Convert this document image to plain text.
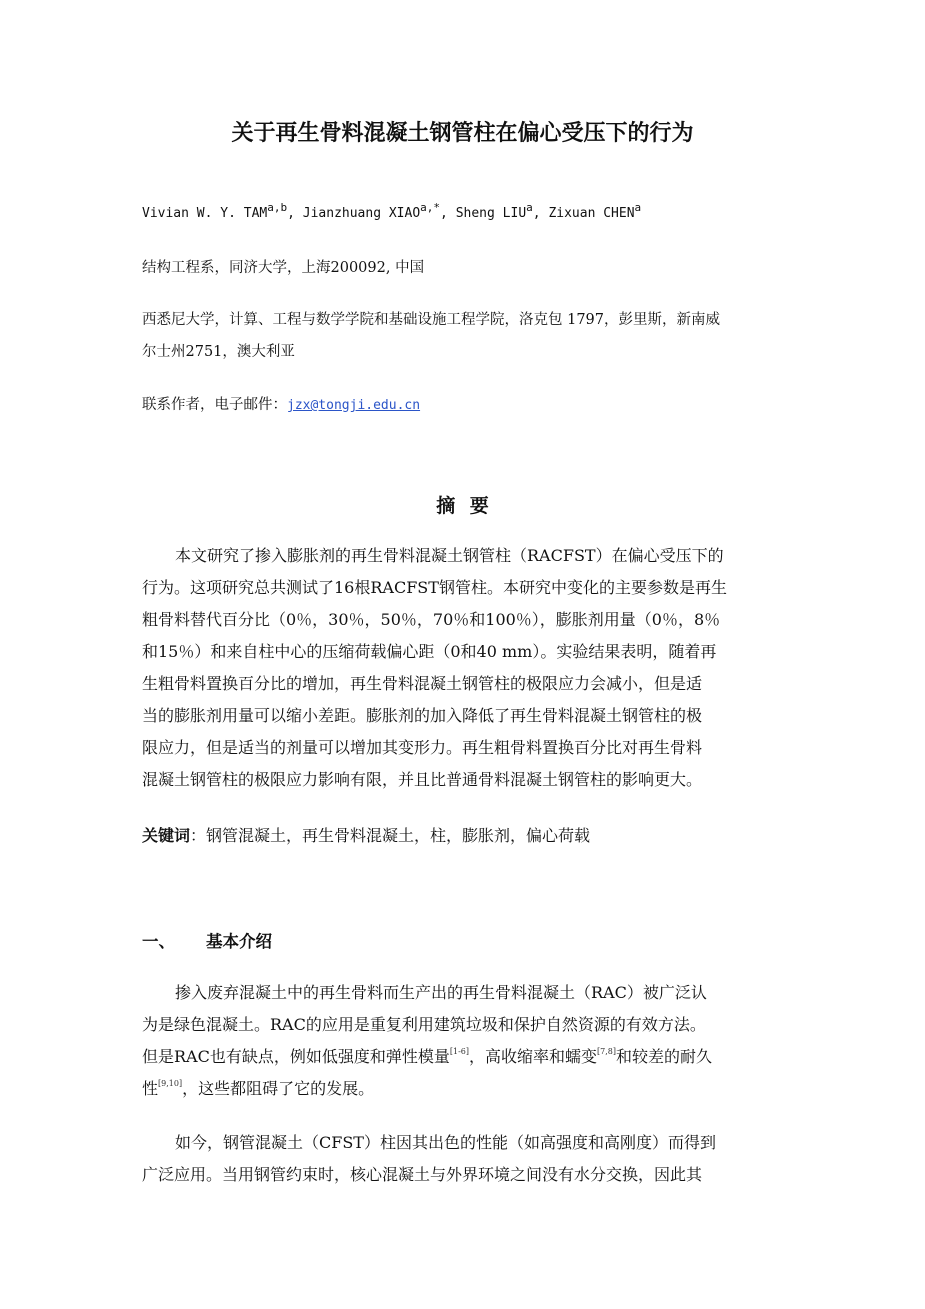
关于再生骨料混凝土钢管柱在偏心受压下的行为
Vivian W. Y. TAM$^{a,b}$, Jianzhuang $XIAO^{a,*}$, Sheng LIU$^a$, Zixuan CHEN$^a$
结构工程系，同济大学，上海200092, 中国
西悉尼大学，计算、工程与数学学院和基础设施工程学院，洛克包 1797，彭里斯，新南威
尔士州2751，澳大利亚
联系作者，电子邮件：jzx@tongji.edu.cn
摘 要
本文研究了掺入膨胀剂的再生骨料混凝土钢管柱（RACFST）在偏心受压下的
行为。这项研究总共测试了16根RACFST钢管柱。本研究中变化的主要参数是再生
粗骨料替代百分比（0％，30％，50％，70％和100％），膨胀剂用量（0％，8％
和15％）和来自柱中心的压缩荷载偏心距（0和40 mm）。实验结果表明，随着再
生粗骨料置换百分比的增加，再生骨料混凝土钢管柱的极限应力会减小，但是适
当的膨胀剂用量可以缩小差距。膨胀剂的加入降低了再生骨料混凝土钢管柱的极
限应力，但是适当的剂量可以增加其变形力。再生粗骨料置换百分比对再生骨料
混凝土钢管柱的极限应力影响有限，并且比普通骨料混凝土钢管柱的影响更大。
关键词：钢管混凝土，再生骨料混凝土，柱，膨胀剂，偏心荷载
一、 基本介绍
掺入废弃混凝土中的再生骨料而生产出的再生骨料混凝土（RAC）被广泛认
为是绿色混凝土。RAC的应用是重复利用建筑垃圾和保护自然资源的有效方法。
但是RAC也有缺点，例如低强度和弹性模量[1-6]，高收缩率和蠕变[7,8]和较差的耐久
性[9,10]，这些都阻碍了它的发展。
如今，钢管混凝土（CFST）柱因其出色的性能（如高强度和高刚度）而得到
广泛应用。当用钢管约束时，核心混凝土与外界环境之间没有水分交换，因此其
